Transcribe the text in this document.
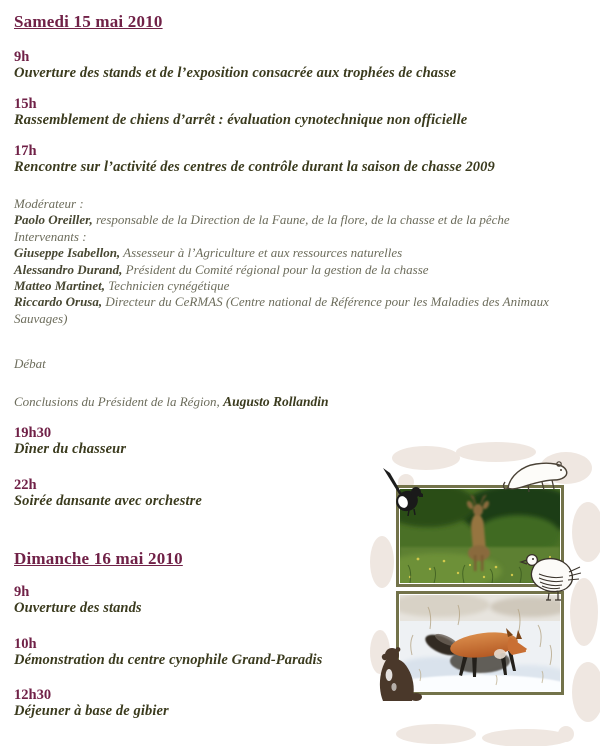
Samedi 15 mai 2010
9h
Ouverture des stands et de l’exposition consacrée aux trophées de chasse
15h
Rassemblement de chiens d’arrêt : évaluation cynotechnique non officielle
17h
Rencontre sur l’activité des centres de contrôle durant la saison de chasse 2009
Modérateur :
Paolo Oreiller, responsable de la Direction de la Faune, de la flore, de la chasse et de la pêche
Intervenants :
Giuseppe Isabellon, Assesseur à l’Agriculture et aux ressources naturelles
Alessandro Durand, Président du Comité régional pour la gestion de la chasse
Matteo Martinet, Technicien cynégétique
Riccardo Orusa, Directeur du CeRMAS (Centre national de Référence pour les Maladies des Animaux Sauvages)
Débat
Conclusions du Président de la Région, Augusto Rollandin
19h30
Dîner du chasseur
22h
Soirée dansante avec orchestre
Dimanche 16 mai 2010
9h
Ouverture des stands
10h
Démonstration du centre cynophile Grand-Paradis
12h30
Déjeuner à base de gibier
